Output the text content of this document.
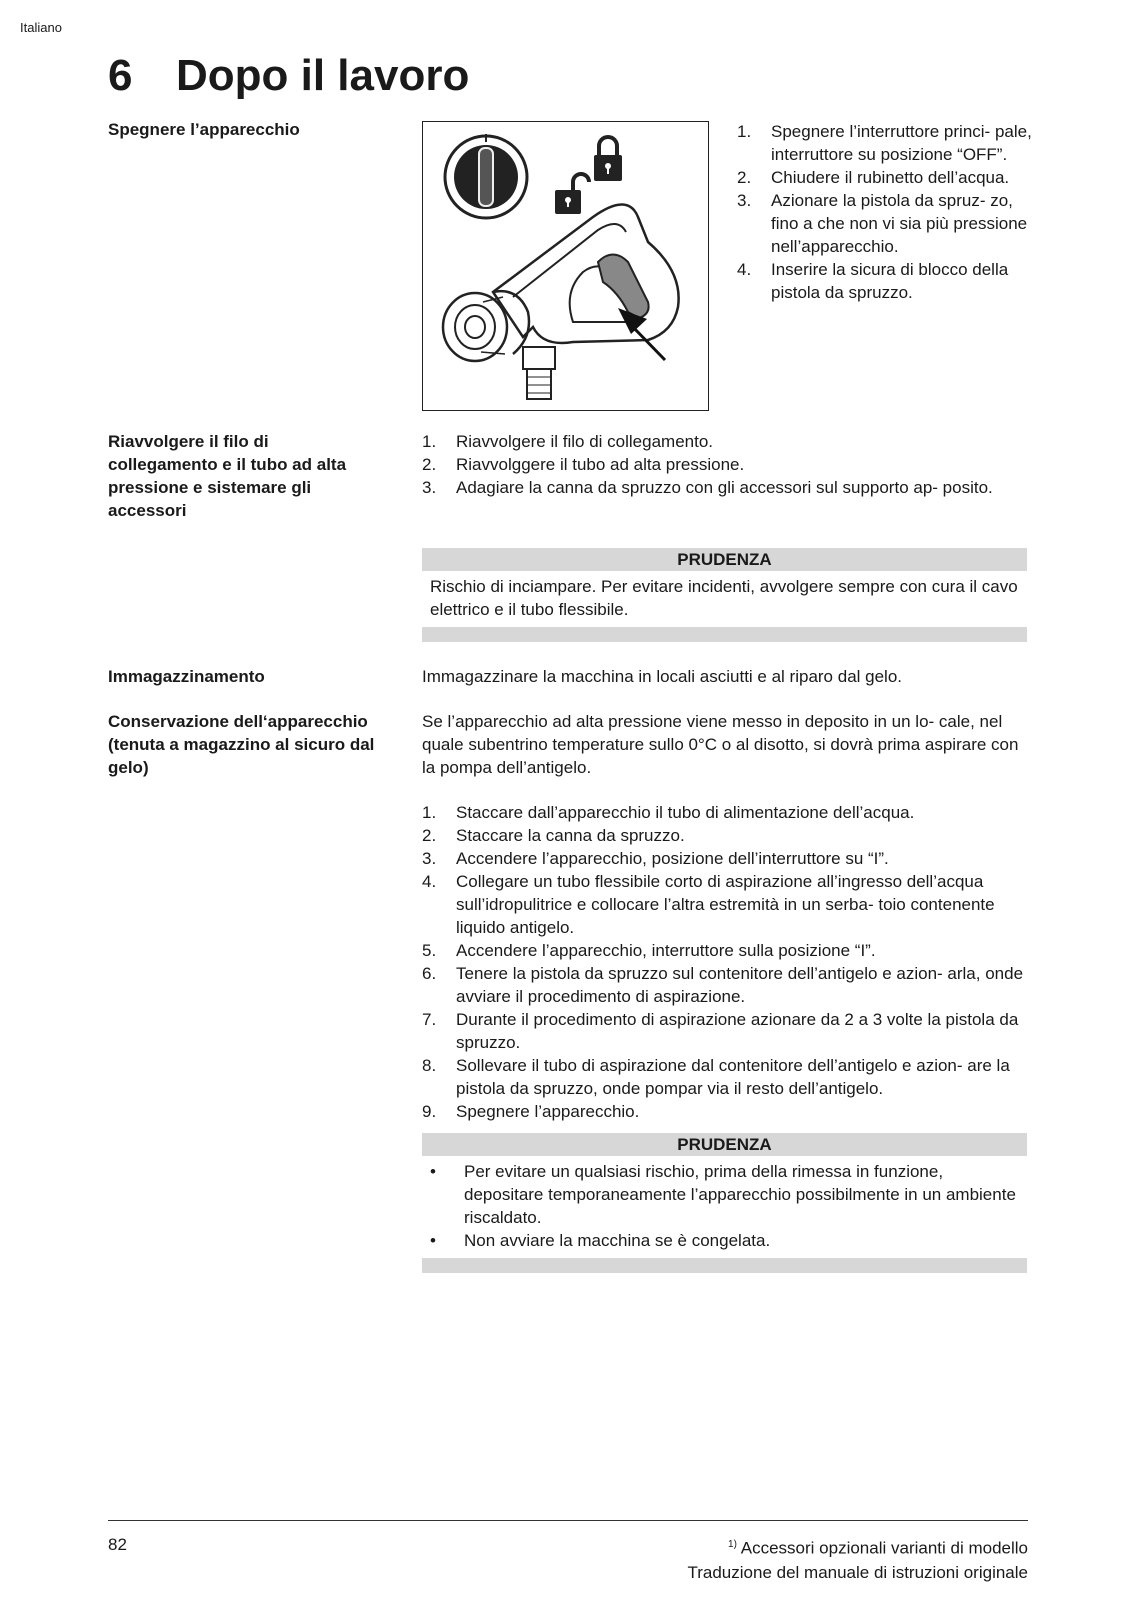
Italiano
6 Dopo il lavoro
Spegnere l’apparecchio	1.	Spegnere l’interruttore princi- pale, interruttore su posizione “OFF”.
2.	Chiudere il rubinetto dell’acqua.
3.	Azionare la pistola da spruz- zo, fino a che non vi sia più pressione nell’apparecchio.
4.	Inserire la sicura di blocco della pistola da spruzzo.
Riavvolgere il filo di collegamento e il tubo ad alta pressione e sistemare gli accessori
1.	Riavvolgere il filo di collegamento.
2.	Riavvolggere il tubo ad alta pressione.
3.	Adagiare la canna da spruzzo con gli accessori sul supporto ap- posito.
PRUDENZA
Rischio di inciampare. Per evitare incidenti, avvolgere sempre con cura il cavo elettrico e il tubo flessibile.
Immagazzinamento	Immagazzinare la macchina in locali asciutti e al riparo dal gelo.

Conservazione dell‘apparecchio (tenuta a magazzino al sicuro dal gelo)

Se l’apparecchio ad alta pressione viene messo in deposito in un lo- cale, nel quale subentrino temperature sullo 0°C o al disotto, si dovrà prima aspirare con la pompa dell’antigelo.

1.	Staccare dall’apparecchio il tubo di alimentazione dell’acqua.
2.	Staccare la canna da spruzzo.
3.	Accendere l’apparecchio, posizione dell’interruttore su “I”.
4.	Collegare un tubo flessibile corto di aspirazione all’ingresso dell’acqua sull’idropulitrice e collocare l’altra estremità in un serba- toio contenente liquido antigelo.
5.	Accendere l’apparecchio, interruttore sulla posizione “I”.
6.	Tenere la pistola da spruzzo sul contenitore dell’antigelo e azion- arla, onde avviare il procedimento di aspirazione.
7.	Durante il procedimento di aspirazione azionare da 2 a 3 volte la pistola da spruzzo.
8.	Sollevare il tubo di aspirazione dal contenitore dell’antigelo e azion- are la pistola da spruzzo, onde pompar via il resto dell’antigelo.
9.	Spegnere l’apparecchio.
PRUDENZA
•	Per evitare un qualsiasi rischio, prima della rimessa in funzione, depositare temporaneamente l’apparecchio possibilmente in un ambiente riscaldato.
•	Non avviare la macchina se è congelata.
82	$^{1)}$ Accessori opzionali varianti di modello
Traduzione del manuale di istruzioni originale
